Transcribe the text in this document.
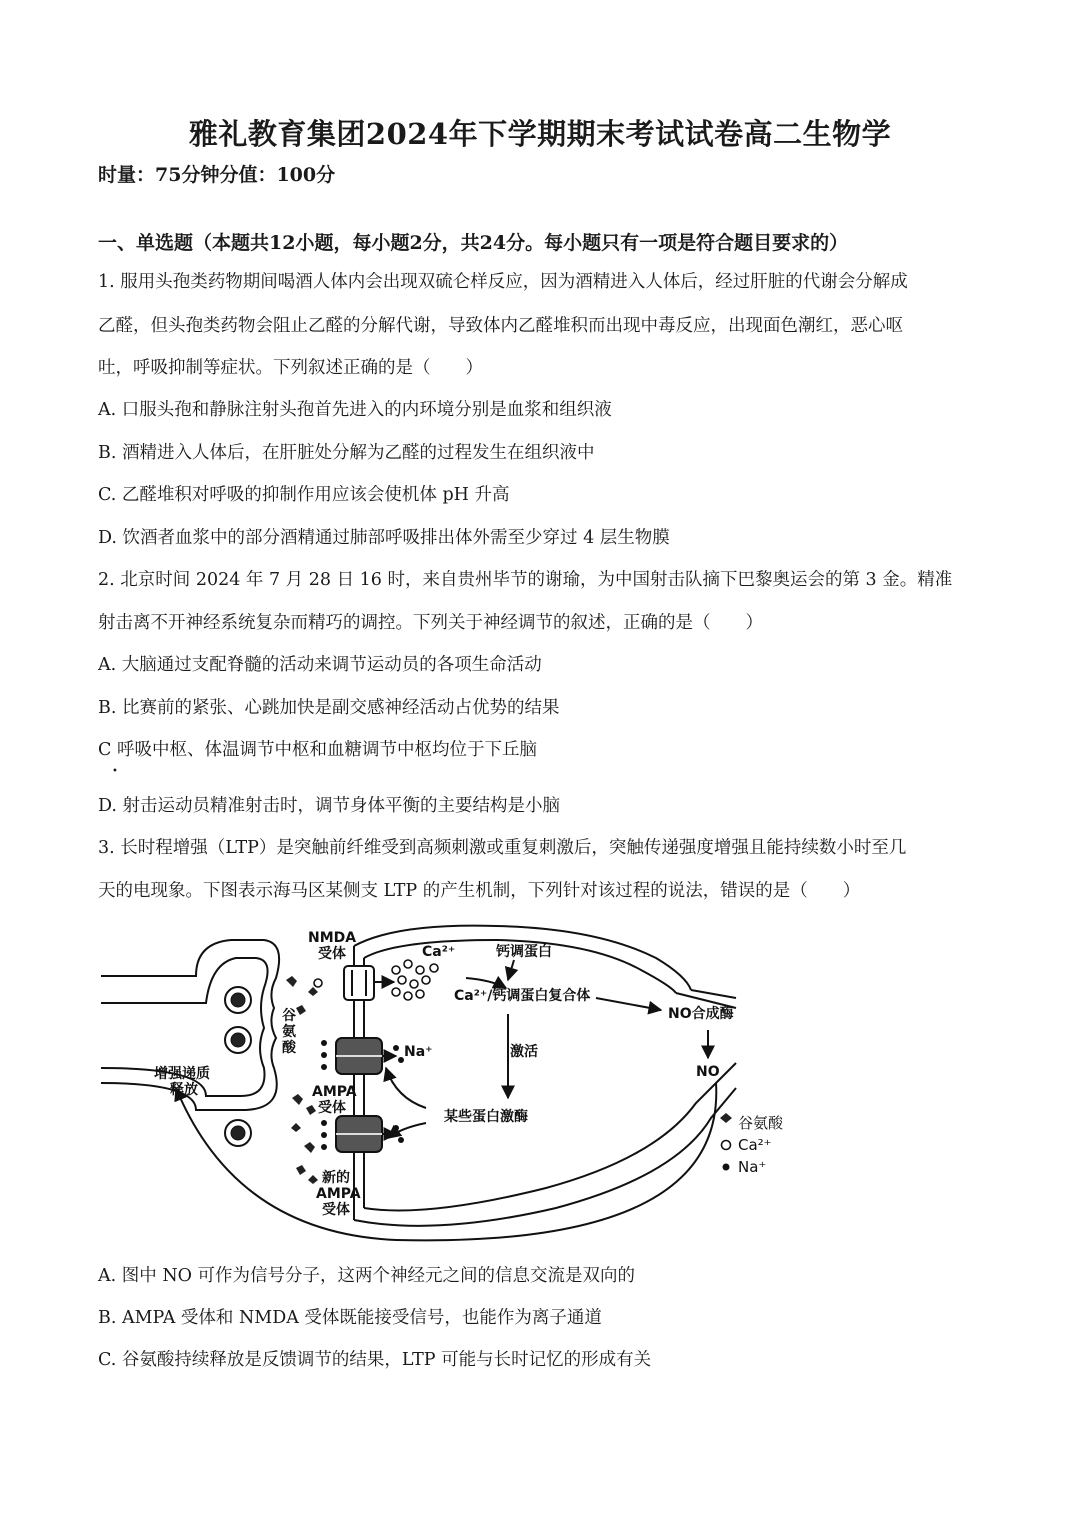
雅礼教育集团2024年下学期期末考试试卷高二生物学
时量：75分钟分值：100分
一、单选题（本题共12小题，每小题2分，共24分。每小题只有一项是符合题目要求的）
1. 服用头孢类药物期间喝酒人体内会出现双硫仑样反应，因为酒精进入人体后，经过肝脏的代谢会分解成
乙醛，但头孢类药物会阻止乙醛的分解代谢，导致体内乙醛堆积而出现中毒反应，出现面色潮红，恶心呕
吐，呼吸抑制等症状。下列叙述正确的是（　　）
A. 口服头孢和静脉注射头孢首先进入的内环境分别是血浆和组织液
B. 酒精进入人体后，在肝脏处分解为乙醛的过程发生在组织液中
C. 乙醛堆积对呼吸的抑制作用应该会使机体 pH 升高
D. 饮酒者血浆中的部分酒精通过肺部呼吸排出体外需至少穿过 4 层生物膜
2. 北京时间 2024 年 7 月 28 日 16 时，来自贵州毕节的谢瑜，为中国射击队摘下巴黎奥运会的第 3 金。精准
射击离不开神经系统复杂而精巧的调控。下列关于神经调节的叙述，正确的是（　　）
A. 大脑通过支配脊髓的活动来调节运动员的各项生命活动
B. 比赛前的紧张、心跳加快是副交感神经活动占优势的结果
C 呼吸中枢、体温调节中枢和血糖调节中枢均位于下丘脑
•
D. 射击运动员精准射击时，调节身体平衡的主要结构是小脑
3. 长时程增强（LTP）是突触前纤维受到高频刺激或重复刺激后，突触传递强度增强且能持续数小时至几
天的电现象。下图表示海马区某侧支 LTP 的产生机制，下列针对该过程的说法，错误的是（　　）
NMDA
受体	Ca²⁺	钙调蛋白
Ca²⁺/钙调蛋白复合体
NO合成酶
NO
谷
氨
酸	Na⁺	激活
增强递质
释放	AMPA
受体
某些蛋白激酶
新的
AMPA
受体
谷氨酸
Ca²⁺
Na⁺
A. 图中 NO 可作为信号分子，这两个神经元之间的信息交流是双向的
B. AMPA 受体和 NMDA 受体既能接受信号，也能作为离子通道
C. 谷氨酸持续释放是反馈调节的结果，LTP 可能与长时记忆的形成有关
